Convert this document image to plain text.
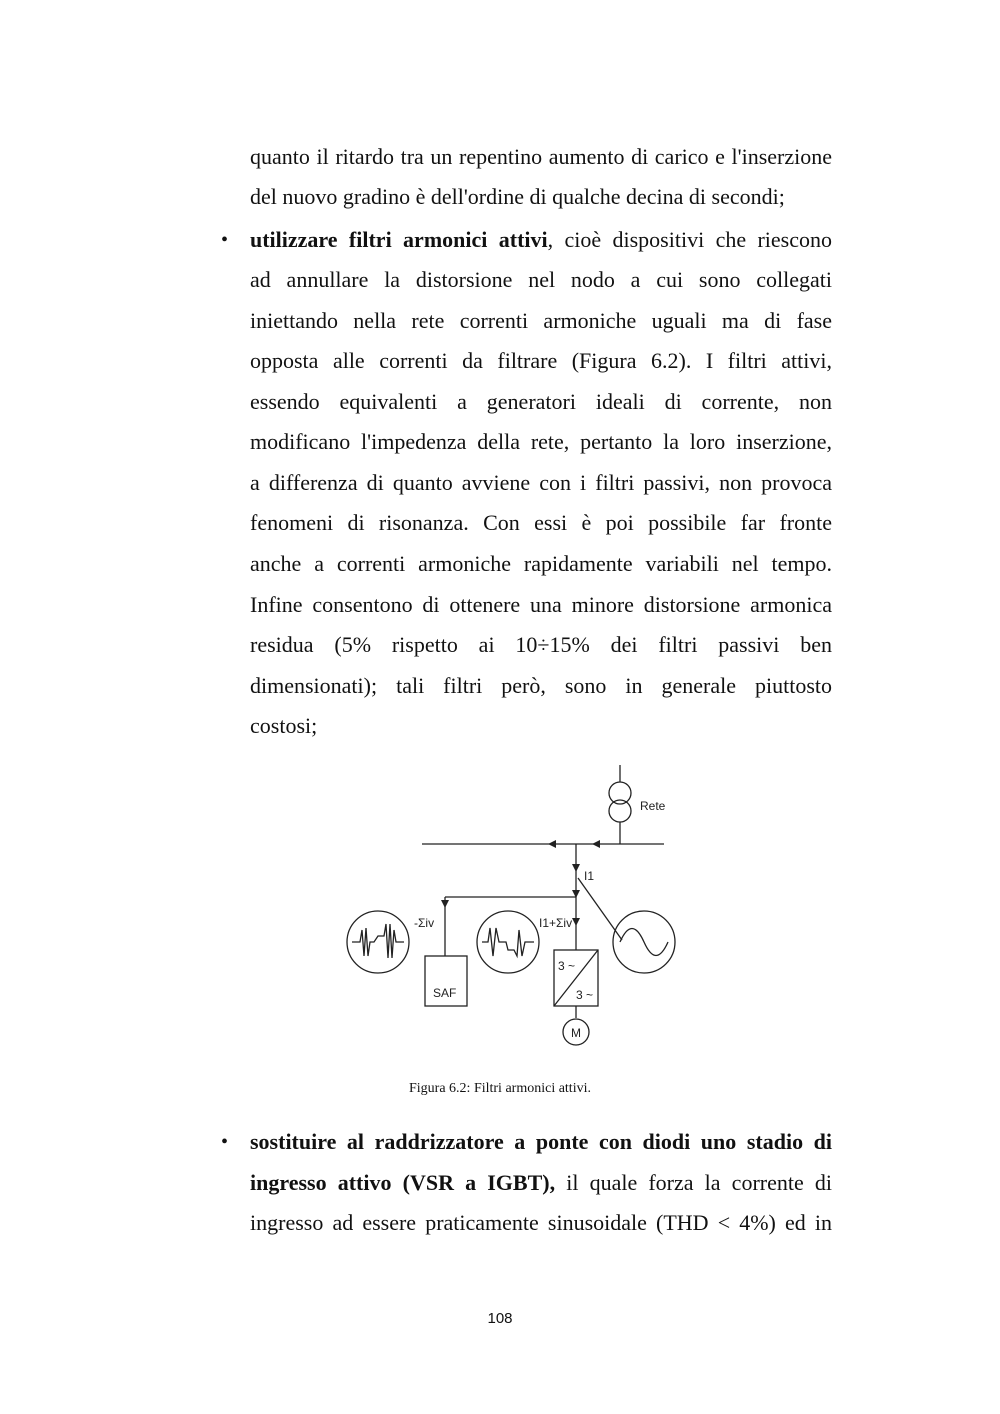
quanto il ritardo tra un repentino aumento di carico e l'inserzione
del nuovo gradino è dell'ordine di qualche decina di secondi;
• utilizzare filtri armonici attivi, cioè dispositivi che riescono
ad annullare la distorsione nel nodo a cui sono collegati
iniettando nella rete correnti armoniche uguali ma di fase
opposta alle correnti da filtrare (Figura 6.2). I filtri attivi,
essendo equivalenti a generatori ideali di corrente, non
modificano l'impedenza della rete, pertanto la loro inserzione,
a differenza di quanto avviene con i filtri passivi, non provoca
fenomeni di risonanza. Con essi è poi possibile far fronte
anche a correnti armoniche rapidamente variabili nel tempo.
Infine consentono di ottenere una minore distorsione armonica
residua (5% rispetto ai 10÷15% dei filtri passivi ben
dimensionati); tali filtri però, sono in generale piuttosto
costosi;
Rete
I1
-Σiv	I1+Σiv
SAF
3 ~
3 ~
M
Figura 6.2: Filtri armonici attivi.
• sostituire al raddrizzatore a ponte con diodi uno stadio di
ingresso attivo (VSR a IGBT), il quale forza la corrente di
ingresso ad essere praticamente sinusoidale (THD < 4%) ed in
108
